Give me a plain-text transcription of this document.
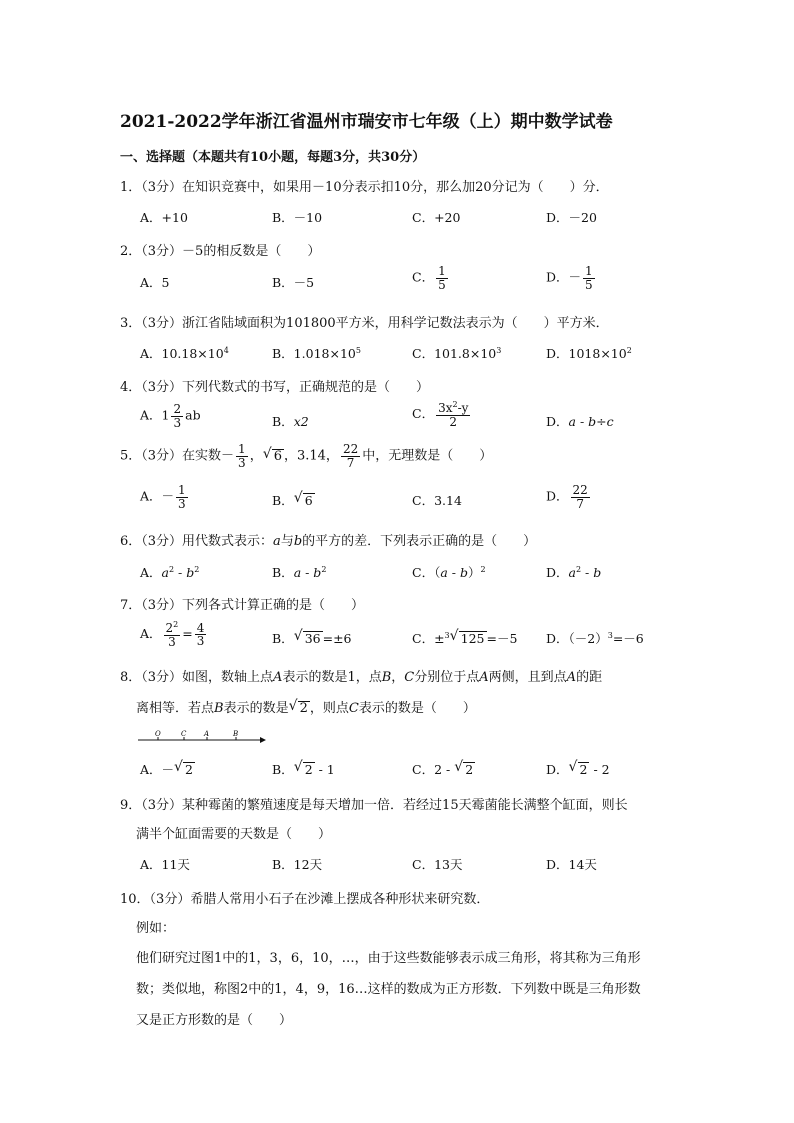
2021-2022学年浙江省温州市瑞安市七年级（上）期中数学试卷
一、选择题（本题共有10小题，每题3分，共30分）
1．（3分）在知识竞赛中，如果用－10分表示扣10分，那么加20分记为（　　）分．
A．+10	B．－10	C．+20	D．－20
2．（3分）－5的相反数是（　　）
A．5	B．－5	C． $\frac{1}{5}$	D．－ $\frac{1}{5}$
3．（3分）浙江省陆域面积为101800平方米，用科学记数法表示为（　　）平方米．
A．$10.18\times 10^4$	B．$1.018\times 10^5$	C．$101.8\times 10^3$	D．$1018\times 10^2$
4．（3分）下列代数式的书写，正确规范的是（　　）
A．$1 \frac{2}{3}$ ab	B．x2
C． $\frac{3x^2-y}{2}$	D．a - b÷c
5．（3分）在实数－ $\frac{1}{3}$ ， √ 6 ，3.14， $\frac{22}{7}$ 中，无理数是（　　）
A．－ $\frac{1}{3}$	B． √ 6	C．3.14	D． $\frac{22}{7}$
6．（3分）用代数式表示：a与b的平方的差．下列表示正确的是（　　）
A．$a^2 - b^2$	B．a - $b^2$	C．（a - b）$^2$	D．$a^2$ - b
7．（3分）下列各式计算正确的是（　　）
A． $\frac{2^2}{3} = \frac{4}{3}$	B． √ 36 =±6	C．±$^3$ √ 125 =－5 D．$(-2)^3=-6$
8．（3分）如图，数轴上点A表示的数是1，点B，C分别位于点A两侧，且到点A的距
离相等．若点B表示的数是 √ 2 ，则点C表示的数是（　　）
O	C	A	B
A．－ √ 2	B． √ 2 - 1	C．2 - √ 2	D． √ 2 - 2
9．（3分）某种霉菌的繁殖速度是每天增加一倍．若经过15天霉菌能长满整个缸面，则长
满半个缸面需要的天数是（　　）
A．11天	B．12天	C．13天	D．14天
10．（3分）希腊人常用小石子在沙滩上摆成各种形状来研究数．
例如：
他们研究过图1中的1，3，6，10，…，由于这些数能够表示成三角形，将其称为三角形
数；类似地，称图2中的1，4，9，16…这样的数成为正方形数．下列数中既是三角形数
又是正方形数的是（　　）
